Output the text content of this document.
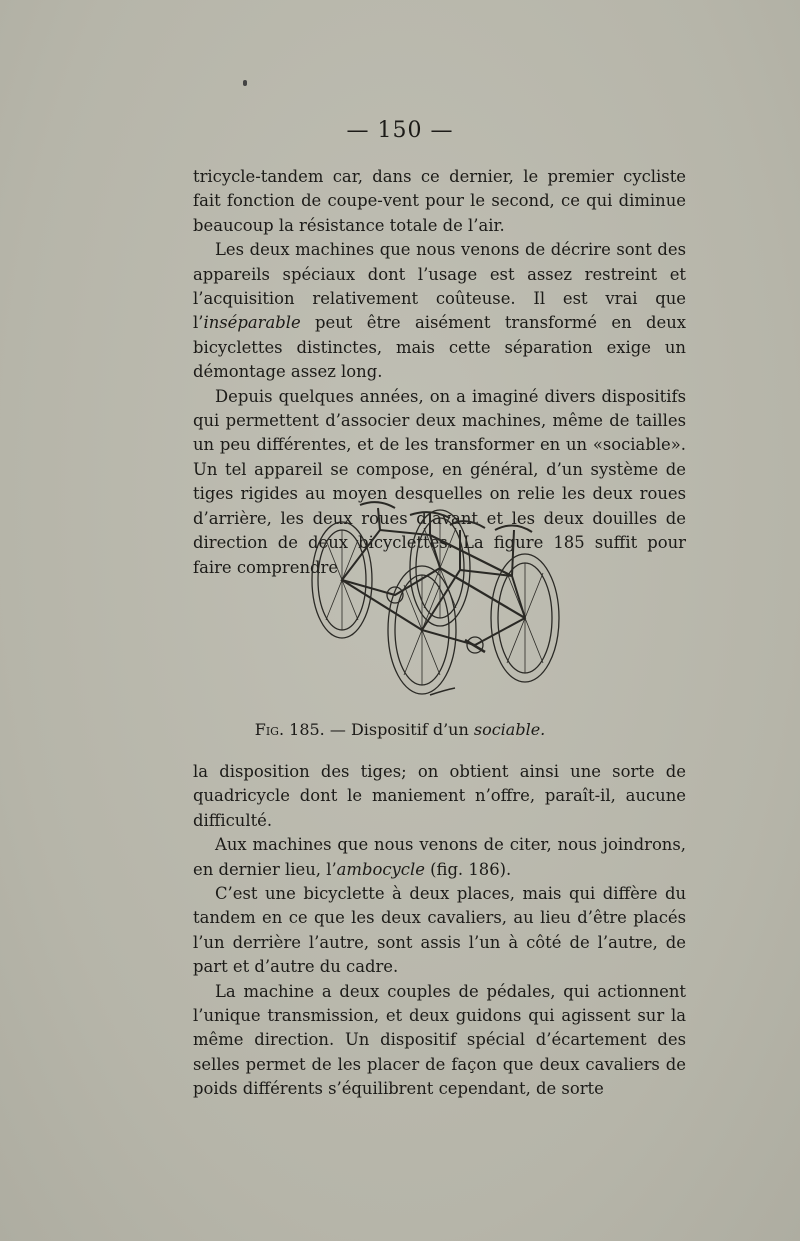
— 150 —

tricycle-tandem car, dans ce dernier, le premier cycliste fait fonction de coupe-vent pour le second, ce qui diminue beaucoup la résistance totale de l’air.

Les deux machines que nous venons de décrire sont des appareils spéciaux dont l’usage est assez restreint et l’acquisition relativement coûteuse. Il est vrai que l’inséparable peut être aisément transformé en deux bicyclettes distinctes, mais cette séparation exige un démontage assez long.

Depuis quelques années, on a imaginé divers dispositifs qui permettent d’associer deux machines, même de tailles un peu différentes, et de les transformer en un «sociable». Un tel appareil se compose, en général, d’un système de tiges rigides au moyen desquelles on relie les deux roues d’arrière, les deux roues d’avant et les deux douilles de direction de deux bicyclettes. La figure 185 suffit pour faire comprendre

Fig. 185. — Dispositif d’un sociable.

la disposition des tiges; on obtient ainsi une sorte de quadricycle dont le maniement n’offre, paraît-il, aucune difficulté.

Aux machines que nous venons de citer, nous joindrons, en dernier lieu, l’ambocycle (fig. 186).

C’est une bicyclette à deux places, mais qui diffère du tandem en ce que les deux cavaliers, au lieu d’être placés l’un derrière l’autre, sont assis l’un à côté de l’autre, de part et d’autre du cadre.

La machine a deux couples de pédales, qui actionnent l’unique transmission, et deux guidons qui agissent sur la même direction. Un dispositif spécial d’écartement des selles permet de les placer de façon que deux cavaliers de poids différents s’équilibrent cependant, de sorte
